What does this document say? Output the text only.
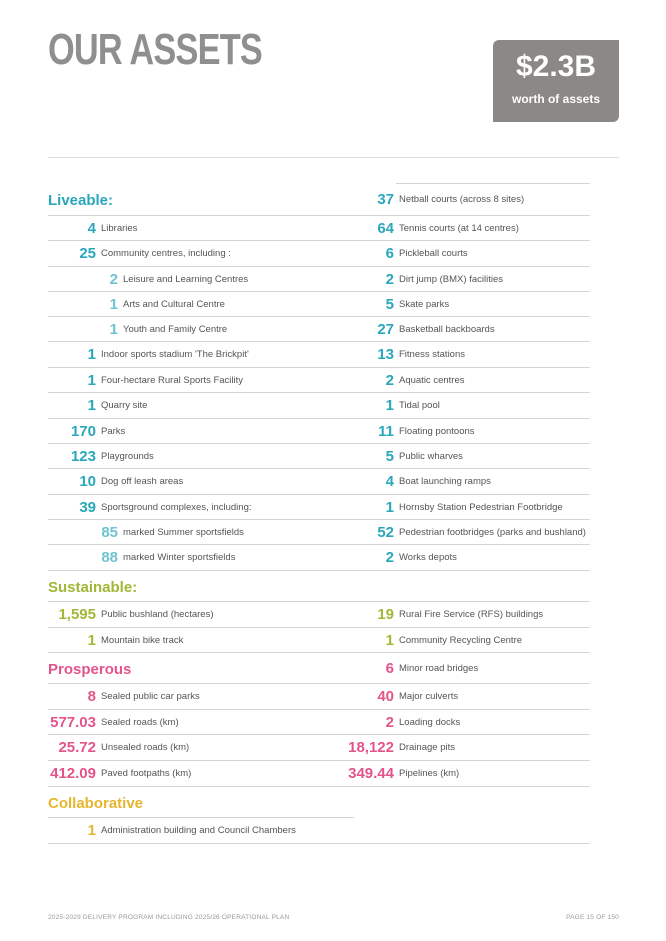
OUR ASSETS	$2.3B
worth of assets
Liveable:
4 Libraries
25 Community centres, including :
2 Leisure and Learning Centres
1 Arts and Cultural Centre
1 Youth and Family Centre
1 Indoor sports stadium 'The Brickpit'
1 Four-hectare Rural Sports Facility
1 Quarry site
170 Parks
123 Playgrounds
10 Dog off leash areas
39 Sportsground complexes, including:
85 marked Summer sportsfields
88 marked Winter sportsfields
Sustainable:
1,595 Public bushland (hectares)
1 Mountain bike track
Prosperous
8 Sealed public car parks
577.03 Sealed roads (km)
25.72 Unsealed roads (km)
412.09 Paved footpaths (km)
Collaborative
1 Administration building and Council Chambers
37 Netball courts (across 8 sites)
64 Tennis courts (at 14 centres)
6 Pickleball courts
2 Dirt jump (BMX) facilities
5 Skate parks
27 Basketball backboards
13 Fitness stations
2 Aquatic centres
1 Tidal pool
11 Floating pontoons
5 Public wharves
4 Boat launching ramps
1 Hornsby Station Pedestrian Footbridge
52 Pedestrian footbridges (parks and bushland)
2 Works depots
19 Rural Fire Service (RFS) buildings
1 Community Recycling Centre
6 Minor road bridges
40 Major culverts
2 Loading docks
18,122 Drainage pits
349.44 Pipelines (km)
2025-2029 DELIVERY PROGRAM INCLUDING 2025/26 OPERATIONAL PLAN	PAGE 15 OF 150
